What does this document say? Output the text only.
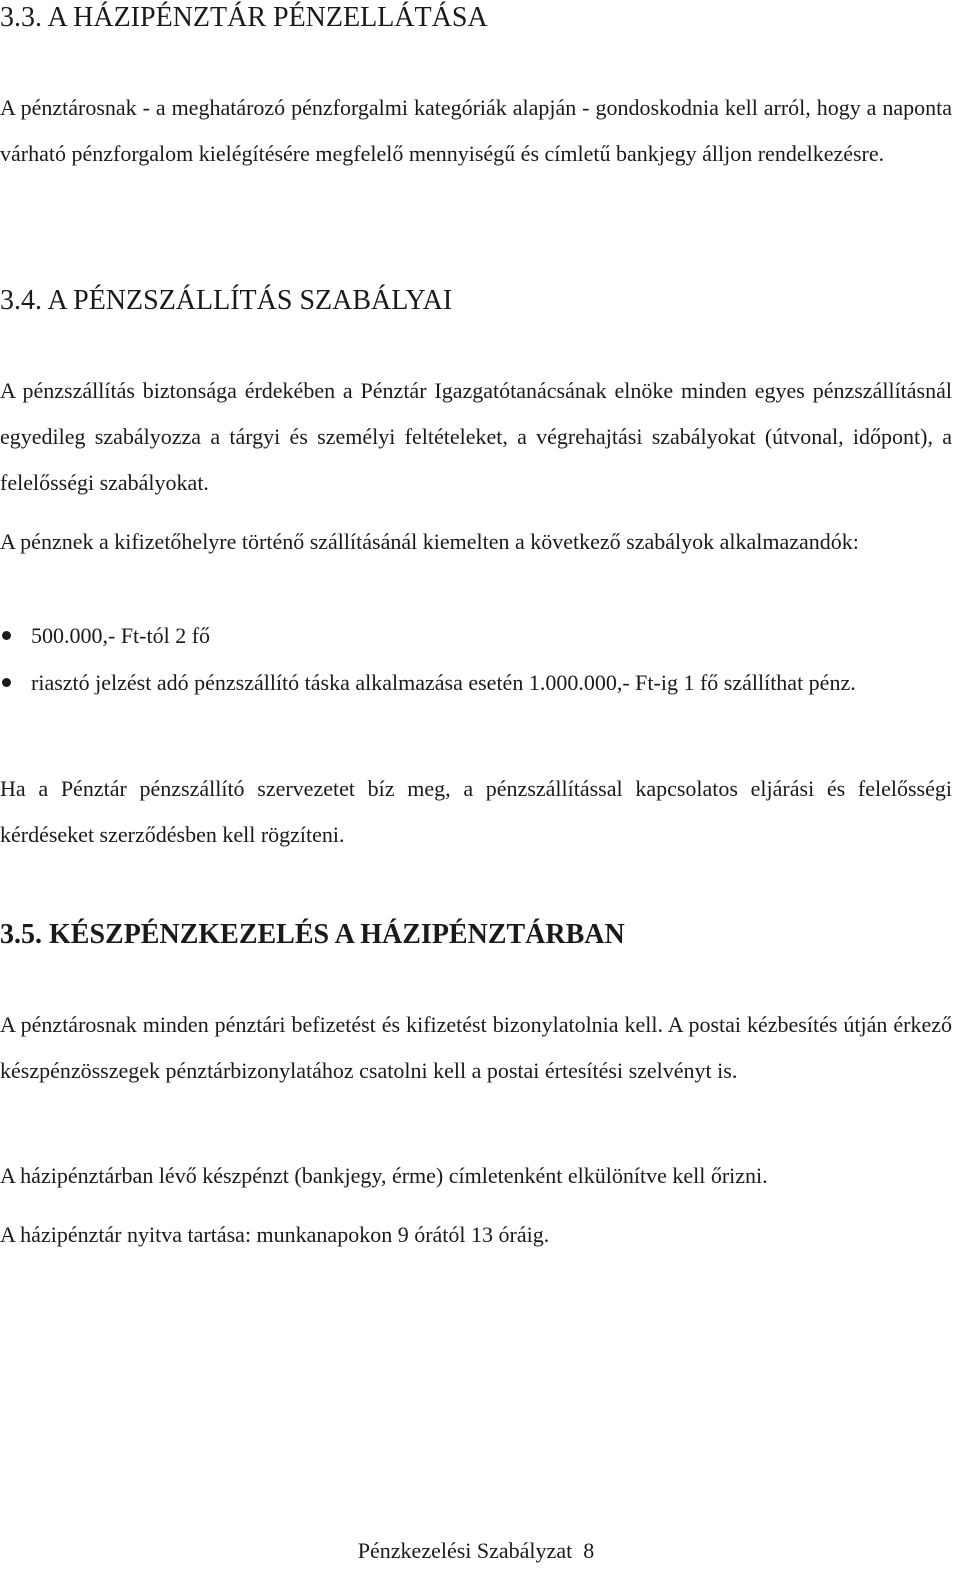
3.3. A HÁZIPÉNZTÁR PÉNZELLÁTÁSA

A pénztárosnak - a meghatározó pénzforgalmi kategóriák alapján - gondoskodnia kell arról, hogy a naponta várható pénzforgalom kielégítésére megfelelő mennyiségű és címletű bankjegy álljon rendelkezésre.

3.4. A PÉNZSZÁLLÍTÁS SZABÁLYAI

A pénzszállítás biztonsága érdekében a Pénztár Igazgatótanácsának elnöke minden egyes pénzszállításnál egyedileg szabályozza a tárgyi és személyi feltételeket, a végrehajtási szabályokat (útvonal, időpont), a felelősségi szabályokat.

A pénznek a kifizetőhelyre történő szállításánál kiemelten a következő szabályok alkalmazandók:

500.000,- Ft-tól 2 fő
riasztó jelzést adó pénzszállító táska alkalmazása esetén 1.000.000,- Ft-ig 1 fő szállíthat pénz.

Ha a Pénztár pénzszállító szervezetet bíz meg, a pénzszállítással kapcsolatos eljárási és felelősségi kérdéseket szerződésben kell rögzíteni.

3.5. KÉSZPÉNZKEZELÉS A HÁZIPÉNZTÁRBAN

A pénztárosnak minden pénztári befizetést és kifizetést bizonylatolnia kell. A postai kézbesítés útján érkező készpénzösszegek pénztárbizonylatához csatolni kell a postai értesítési szelvényt is.

A házipénztárban lévő készpénzt (bankjegy, érme) címletenként elkülönítve kell őrizni.

A házipénztár nyitva tartása: munkanapokon 9 órától 13 óráig.

Pénzkezelési Szabályzat 8
